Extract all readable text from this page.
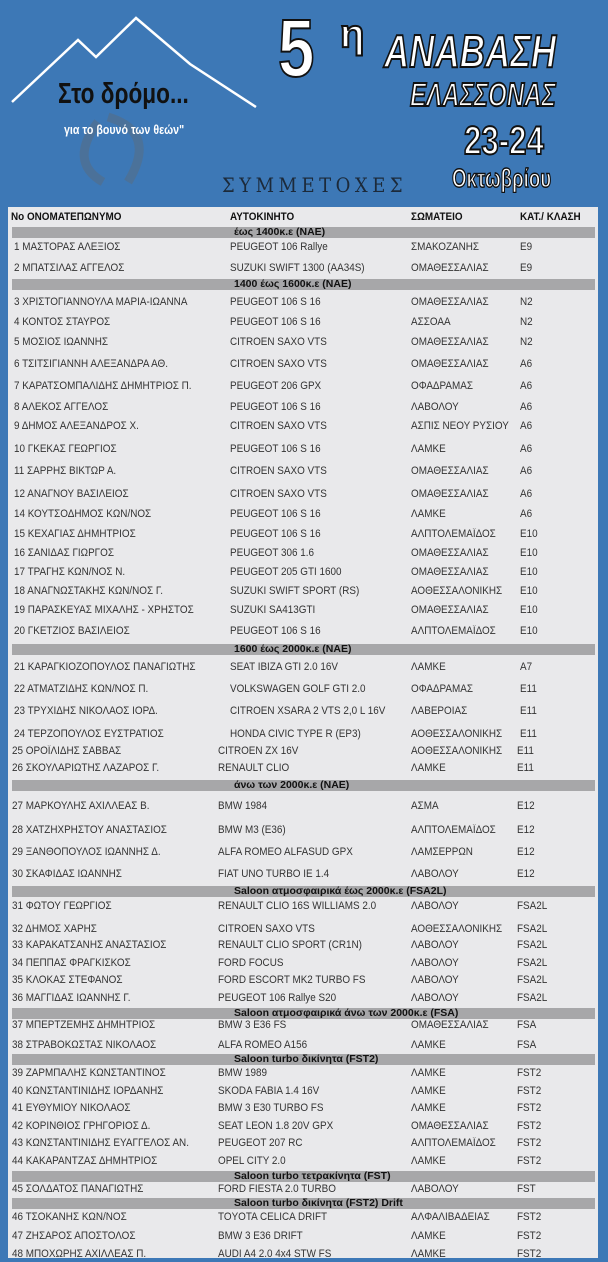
Στο δρόμο...
για το βουνό των θεών"
5 η ΑΝΑΒΑΣΗ
ΕΛΑΣΣΟΝΑΣ
23-24
Οκτωβρίου
ΣΥΜΜΕΤΟΧΕΣ
No ΟΝΟΜΑΤΕΠΩΝΥΜΟ	ΑΥΤΟΚΙΝΗΤΟ	ΣΩΜΑΤΕΙΟ	ΚΑΤ./ ΚΛΑΣΗ
έως 1400κ.ε (NAE)
1 ΜΑΣΤΟΡΑΣ ΑΛΕΞΙΟΣ	PEUGEOT 106 Rallye	ΣΜΑΚΟΖΑΝΗΣ	E9
2 ΜΠΑΤΣΙΛΑΣ ΑΓΓΕΛΟΣ	SUZUKI SWIFT 1300 (AA34S)	ΟΜΑΘΕΣΣΑΛΙΑΣ	E9
1400 έως 1600κ.ε (NAE)
3 ΧΡΙΣΤΟΓΙΑΝΝΟΥΛΑ ΜΑΡΙΑ-ΙΩΑΝΝΑ	PEUGEOT 106 S 16	ΟΜΑΘΕΣΣΑΛΙΑΣ	N2
4 ΚΟΝΤΟΣ ΣΤΑΥΡΟΣ	PEUGEOT 106 S 16	ΑΣΣΟΑΑ	N2
5 ΜΟΣΙΟΣ ΙΩΑΝΝΗΣ	CITROEN SAXO VTS	ΟΜΑΘΕΣΣΑΛΙΑΣ	N2
6 ΤΣΙΤΣΙΓΙΑΝΝΗ ΑΛΕΞΑΝΔΡΑ ΑΘ.	CITROEN SAXO VTS	ΟΜΑΘΕΣΣΑΛΙΑΣ	A6
7 ΚΑΡΑΤΣΟΜΠΑΛΙΔΗΣ ΔΗΜΗΤΡΙΟΣ Π.	PEUGEOT 206 GPX	ΟΦΑΔΡΑΜΑΣ	A6
8 ΑΛΕΚΟΣ ΑΓΓΕΛΟΣ	PEUGEOT 106 S 16	ΛΑΒΟΛΟΥ	A6
9 ΔΗΜΟΣ ΑΛΕΞΑΝΔΡΟΣ Χ.	CITROEN SAXO VTS	ΑΣΠΙΣ ΝΕΟΥ ΡΥΣΙΟΥ A6
10 ΓΚΕΚΑΣ ΓΕΩΡΓΙΟΣ	PEUGEOT 106 S 16	ΛΑΜΚΕ	A6
11 ΣΑΡΡΗΣ ΒΙΚΤΩΡ Α.	CITROEN SAXO VTS	ΟΜΑΘΕΣΣΑΛΙΑΣ	A6
12 ΑΝΑΓΝΟΥ ΒΑΣΙΛΕΙΟΣ	CITROEN SAXO VTS	ΟΜΑΘΕΣΣΑΛΙΑΣ	A6
14 ΚΟΥΤΣΟΔΗΜΟΣ ΚΩΝ/ΝΟΣ	PEUGEOT 106 S 16	ΛΑΜΚΕ	A6
15 ΚΕΧΑΓΙΑΣ ΔΗΜΗΤΡΙΟΣ	PEUGEOT 106 S 16	ΑΛΠΤΟΛΕΜΑΪΔΟΣ E10
16 ΣΑΝΙΔΑΣ ΓΙΩΡΓΟΣ	PEUGEOT 306 1.6	ΟΜΑΘΕΣΣΑΛΙΑΣ	E10
17 ΤΡΑΓΗΣ ΚΩΝ/ΝΟΣ Ν.	PEUGEOT 205 GTI 1600	ΟΜΑΘΕΣΣΑΛΙΑΣ	E10
18 ΑΝΑΓΝΩΣΤΑΚΗΣ ΚΩΝ/ΝΟΣ Γ.	SUZUKI SWIFT SPORT (RS)	ΑΟΘΕΣΣΑΛΟΝΙΚΗΣ E10
19 ΠΑΡΑΣΚΕΥΑΣ ΜΙΧΑΛΗΣ - ΧΡΗΣΤΟΣ	SUZUKI SA413GTI	ΟΜΑΘΕΣΣΑΛΙΑΣ	E10
20 ΓΚΕΤΖΙΟΣ ΒΑΣΙΛΕΙΟΣ	PEUGEOT 106 S 16	ΑΛΠΤΟΛΕΜΑΪΔΟΣ E10
1600 έως 2000κ.ε (NAE)
21 ΚΑΡΑΓΚΙΟΖΟΠΟΥΛΟΣ ΠΑΝΑΓΙΩΤΗΣ	SEAT IBIZA GTI 2.0 16V	ΛΑΜΚΕ	A7
22 ΑΤΜΑΤΖΙΔΗΣ ΚΩΝ/ΝΟΣ Π.	VOLKSWAGEN GOLF GTI 2.0	ΟΦΑΔΡΑΜΑΣ	E11
23 ΤΡΥΧΙΔΗΣ ΝΙΚΟΛΑΟΣ ΙΟΡΔ.	CITROEN XSARA 2 VTS 2,0 L 16V ΛΑΒΕΡΟΙΑΣ	E11
24 ΤΕΡΖΟΠΟΥΛΟΣ ΕΥΣΤΡΑΤΙΟΣ	HONDA CIVIC TYPE R (EP3)	ΑΟΘΕΣΣΑΛΟΝΙΚΗΣ E11
25 ΟΡΟΪΛΙΔΗΣ ΣΑΒΒΑΣ	CITROEN ZX 16V	ΑΟΘΕΣΣΑΛΟΝΙΚΗΣ E11
26 ΣΚΟΥΛΑΡΙΩΤΗΣ ΛΑΖΑΡΟΣ Γ.	RENAULT CLIO	ΛΑΜΚΕ	E11
άνω των 2000κ.ε (NAE)
27 ΜΑΡΚΟΥΛΗΣ ΑΧΙΛΛΕΑΣ Β.	BMW 1984	ΑΣΜΑ	E12
28 ΧΑΤΖΗΧΡΗΣΤΟΥ ΑΝΑΣΤΑΣΙΟΣ	BMW M3 (E36)	ΑΛΠΤΟΛΕΜΑΪΔΟΣ E12
29 ΞΑΝΘΟΠΟΥΛΟΣ ΙΩΑΝΝΗΣ Δ.	ALFA ROMEO ALFASUD GPX	ΛΑΜΣΕΡΡΩΝ	E12
30 ΣΚΑΦΙΔΑΣ ΙΩΑΝΝΗΣ	FIAT UNO TURBO IE 1.4	ΛΑΒΟΛΟΥ	E12
Saloon ατμοσφαιρικά έως 2000κ.ε (FSA2L)
31 ΦΩΤΟΥ ΓΕΩΡΓΙΟΣ	RENAULT CLIO 16S WILLIAMS 2.0	ΛΑΒΟΛΟΥ	FSA2L
32 ΔΗΜΟΣ ΧΑΡΗΣ	CITROEN SAXO VTS	ΑΟΘΕΣΣΑΛΟΝΙΚΗΣ FSA2L
33 ΚΑΡΑΚΑΤΣΑΝΗΣ ΑΝΑΣΤΑΣΙΟΣ	RENAULT CLIO SPORT (CR1N)	ΛΑΒΟΛΟΥ	FSA2L
34 ΠΕΠΠΑΣ ΦΡΑΓΚΙΣΚΟΣ	FORD FOCUS	ΛΑΒΟΛΟΥ	FSA2L
35 ΚΛΟΚΑΣ ΣΤΕΦΑΝΟΣ	FORD ESCORT MK2 TURBO FS	ΛΑΒΟΛΟΥ	FSA2L
36 ΜΑΓΓΙΔΑΣ ΙΩΑΝΝΗΣ Γ.	PEUGEOT 106 Rallye S20	ΛΑΒΟΛΟΥ	FSA2L
Saloon ατμοσφαιρικά άνω των 2000κ.ε (FSA)
37 ΜΠΕΡΤΖΕΜΗΣ ΔΗΜΗΤΡΙΟΣ	BMW 3 E36 FS	ΟΜΑΘΕΣΣΑΛΙΑΣ	FSA
38 ΣΤΡΑΒΟΚΩΣΤΑΣ ΝΙΚΟΛΑΟΣ	ALFA ROMEO A156	ΛΑΜΚΕ	FSA
Saloon turbo δικίνητα (FST2)
39 ΖΑΡΜΠΑΛΗΣ ΚΩΝΣΤΑΝΤΙΝΟΣ	BMW 1989	ΛΑΜΚΕ	FST2
40 ΚΩΝΣΤΑΝΤΙΝΙΔΗΣ ΙΟΡΔΑΝΗΣ	SKODA FABIA 1.4 16V	ΛΑΜΚΕ	FST2
41 ΕΥΘΥΜΙΟΥ ΝΙΚΟΛΑΟΣ	BMW 3 E30 TURBO FS	ΛΑΜΚΕ	FST2
42 ΚΟΡΙΝΘΙΟΣ ΓΡΗΓΟΡΙΟΣ Δ.	SEAT LEON 1.8 20V GPX	ΟΜΑΘΕΣΣΑΛΙΑΣ	FST2
43 ΚΩΝΣΤΑΝΤΙΝΙΔΗΣ ΕΥΑΓΓΕΛΟΣ ΑΝ.	PEUGEOT 207 RC	ΑΛΠΤΟΛΕΜΑΪΔΟΣ FST2
44 ΚΑΚΑΡΑΝΤΖΑΣ ΔΗΜΗΤΡΙΟΣ	OPEL CITY 2.0	ΛΑΜΚΕ	FST2
Saloon turbo τετρακίνητα (FST)
45 ΣΟΛΔΑΤΟΣ ΠΑΝΑΓΙΩΤΗΣ	FORD FIESTA 2.0 TURBO	ΛΑΒΟΛΟΥ	FST
Saloon turbo δικίνητα (FST2) Drift
46 ΤΣΟΚΑΝΗΣ ΚΩΝ/ΝΟΣ	TOYOTA CELICA DRIFT	ΑΛΦΑΛΙΒΑΔΕΙΑΣ FST2
47 ΖΗΣΑΡΟΣ ΑΠΟΣΤΟΛΟΣ	BMW 3 E36 DRIFT	ΛΑΜΚΕ	FST2
48 ΜΠΟΧΩΡΗΣ ΑΧΙΛΛΕΑΣ Π.	AUDI A4 2.0 4x4 STW FS	ΛΑΜΚΕ	FST2
